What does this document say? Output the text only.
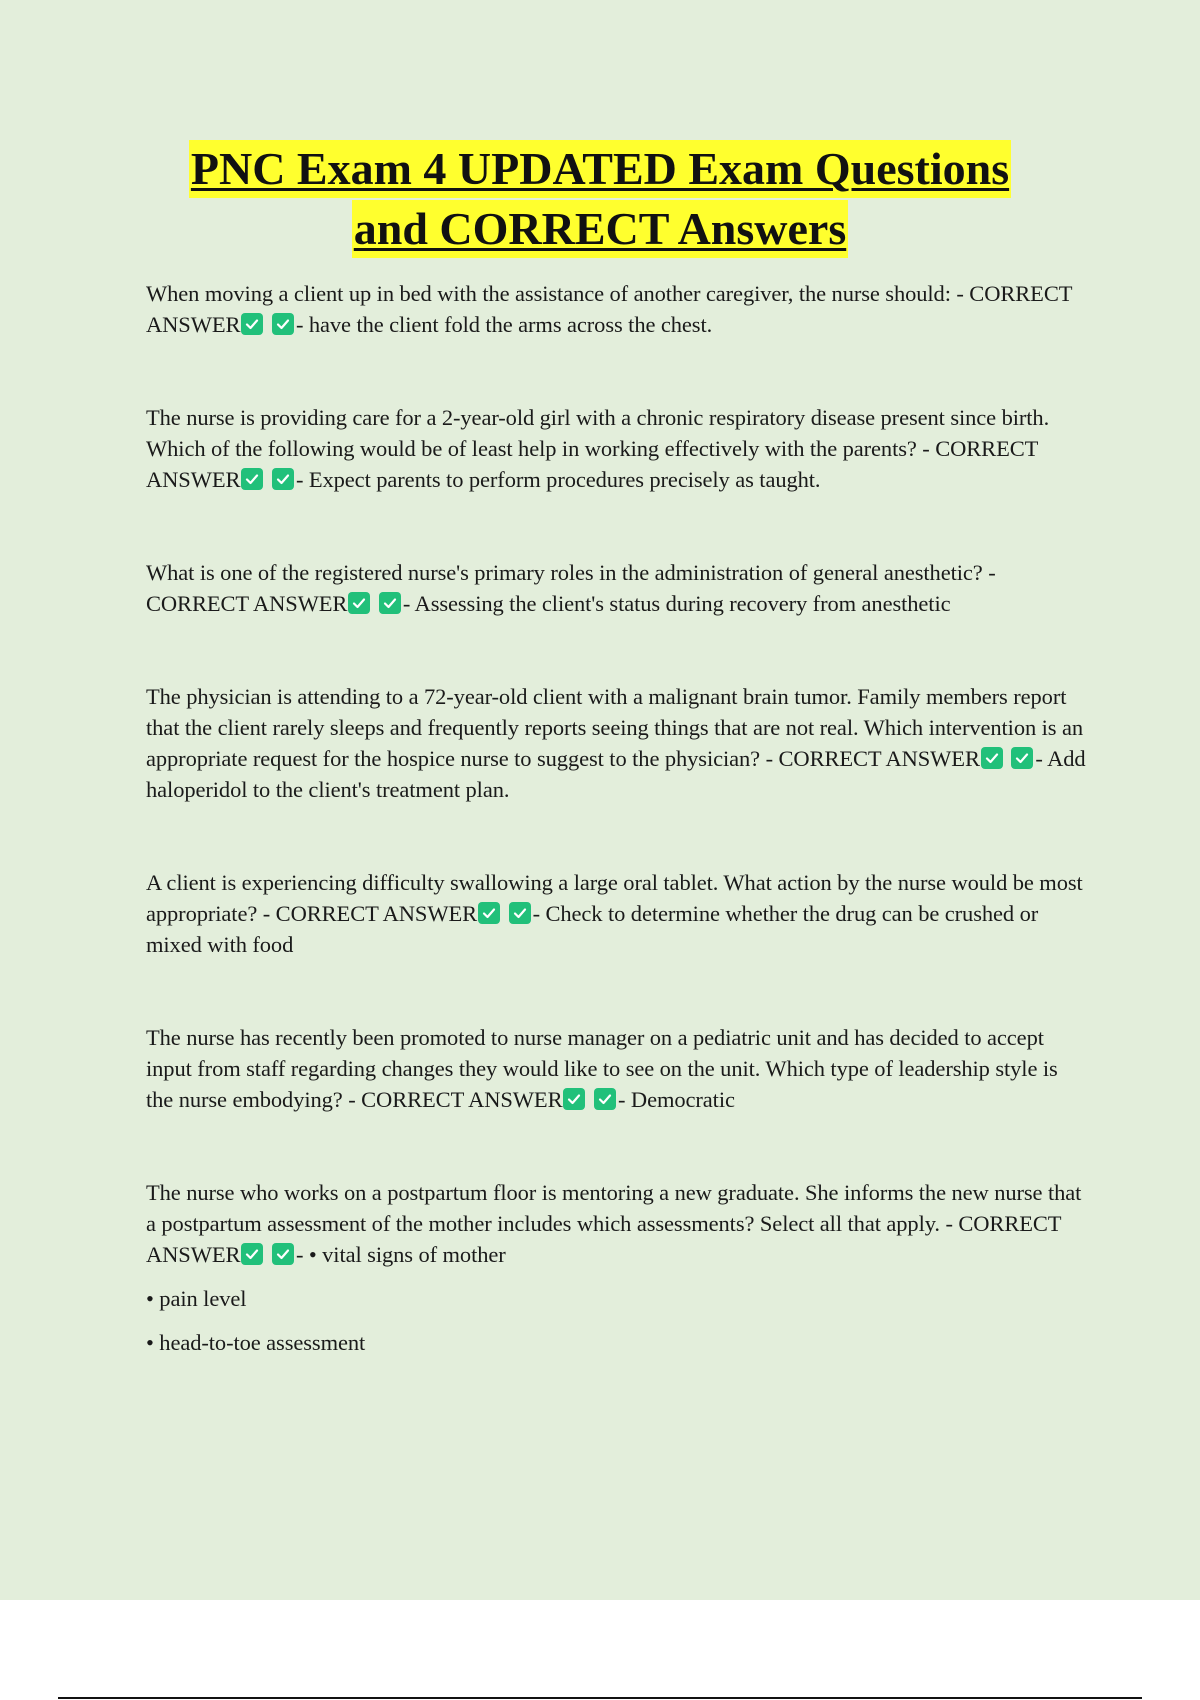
PNC Exam 4 UPDATED Exam Questions
and CORRECT Answers
When moving a client up in bed with the assistance of another caregiver, the nurse should: - CORRECT ANSWER
- have the client fold the arms across the chest.
The nurse is providing care for a 2-year-old girl with a chronic respiratory disease present since birth. Which of the following would be of least help in working effectively with the parents? - CORRECT ANSWER
- Expect parents to perform procedures precisely as taught.
What is one of the registered nurse's primary roles in the administration of general anesthetic? - CORRECT ANSWER
- Assessing the client's status during recovery from anesthetic
The physician is attending to a 72-year-old client with a malignant brain tumor. Family members report that the client rarely sleeps and frequently reports seeing things that are not real. Which intervention is an appropriate request for the hospice nurse to suggest to the physician? - CORRECT ANSWER
- Add haloperidol to the client's treatment plan.
A client is experiencing difficulty swallowing a large oral tablet. What action by the nurse would be most appropriate? - CORRECT ANSWER
- Check to determine whether the drug can be crushed or mixed with food
The nurse has recently been promoted to nurse manager on a pediatric unit and has decided to accept input from staff regarding changes they would like to see on the unit. Which type of leadership style is the nurse embodying? - CORRECT ANSWER
- Democratic
The nurse who works on a postpartum floor is mentoring a new graduate. She informs the new nurse that a postpartum assessment of the mother includes which assessments? Select all that apply. - CORRECT ANSWER
- • vital signs of mother
• pain level
• head-to-toe assessment
